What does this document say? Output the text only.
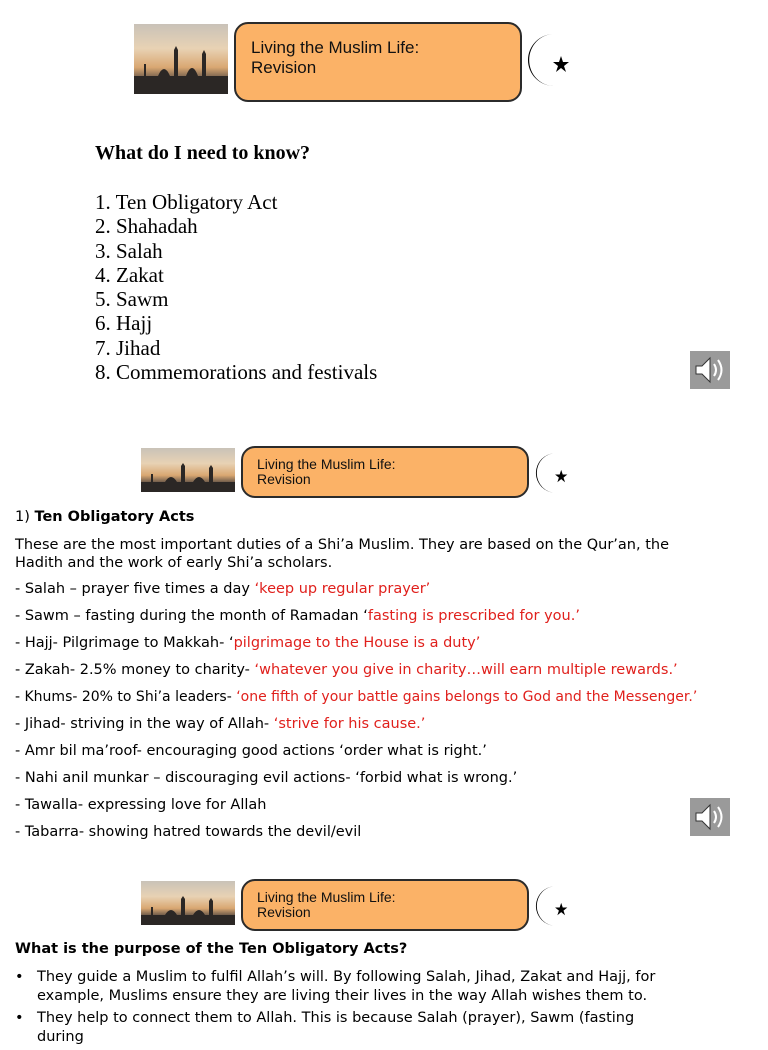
Living the Muslim Life:
Revision
What do I need to know?
1. Ten Obligatory Act
2. Shahadah
3. Salah
4. Zakat
5. Sawm
6. Hajj
7. Jihad
8. Commemorations and festivals
Living the Muslim Life:
Revision
1) Ten Obligatory Acts
These are the most important duties of a Shi’a Muslim. They are based on the Qur’an, the Hadith and the work of early Shi’a scholars.
- Salah – prayer five times a day ‘keep up regular prayer’
- Sawm – fasting during the month of Ramadan ‘fasting is prescribed for you.’
- Hajj- Pilgrimage to Makkah- ‘pilgrimage to the House is a duty’
- Zakah- 2.5% money to charity- ‘whatever you give in charity…will earn multiple rewards.’
- Khums- 20% to Shi’a leaders- ‘one fifth of your battle gains belongs to God and the Messenger.’
- Jihad- striving in the way of Allah- ‘strive for his cause.’
- Amr bil ma’roof- encouraging good actions ‘order what is right.’
- Nahi anil munkar – discouraging evil actions- ‘forbid what is wrong.’
- Tawalla- expressing love for Allah
- Tabarra- showing hatred towards the devil/evil
Living the Muslim Life:
Revision
What is the purpose of the Ten Obligatory Acts?
• They guide a Muslim to fulfil Allah’s will. By following Salah, Jihad, Zakat and Hajj, for example, Muslims ensure they are living their lives in the way Allah wishes them to.
• They help to connect them to Allah. This is because Salah (prayer), Sawm (fasting during
